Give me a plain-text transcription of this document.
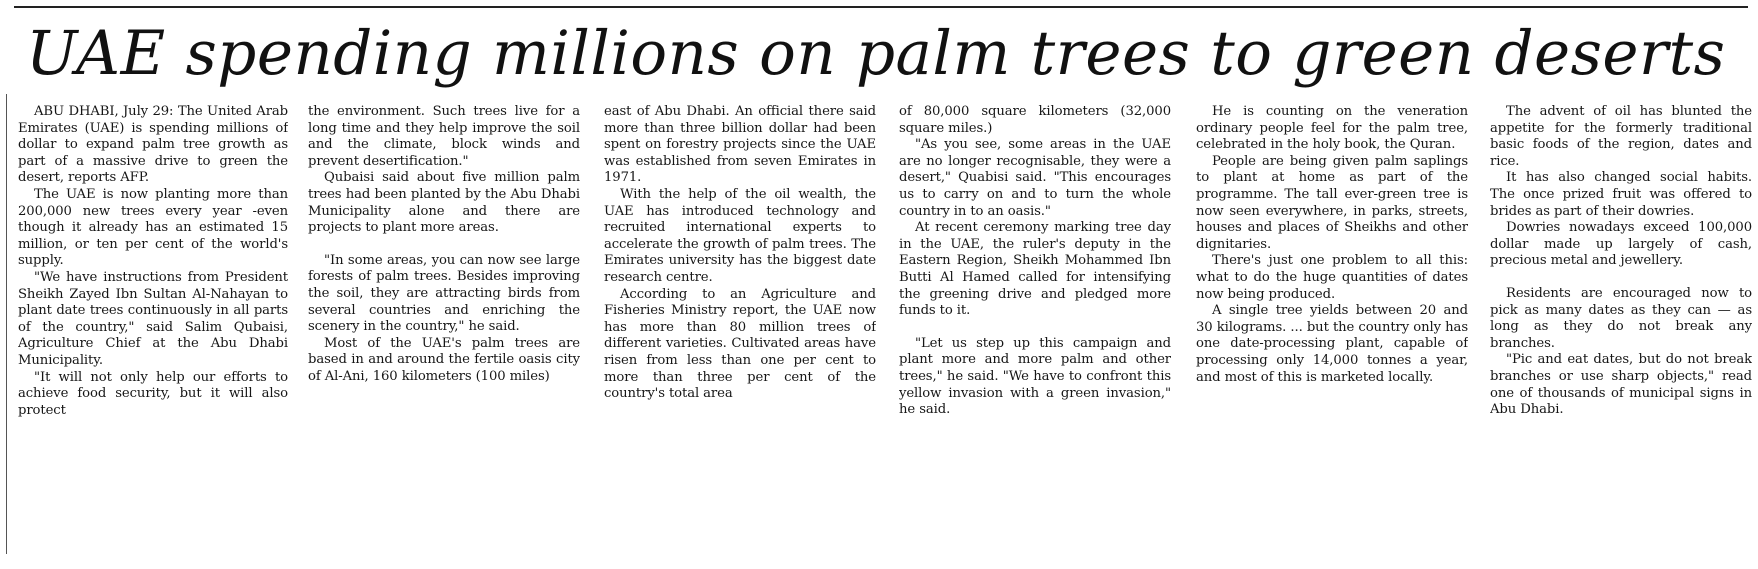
UAE spending millions on palm trees to green deserts

ABU DHABI, July 29: The United Arab Emirates (UAE) is spending millions of dollar to expand palm tree growth as part of a massive drive to green the desert, reports AFP.

The UAE is now planting more than 200,000 new trees every year -even though it already has an estimated 15 million, or ten per cent of the world's supply.

"We have instructions from President Sheikh Zayed Ibn Sultan Al-Nahayan to plant date trees continuously in all parts of the country," said Salim Qubaisi, Agriculture Chief at the Abu Dhabi Municipality.

"It will not only help our efforts to achieve food security, but it will also protect

the environment. Such trees live for a long time and they help improve the soil and the climate, block winds and prevent desertification."

Qubaisi said about five million palm trees had been planted by the Abu Dhabi Municipality alone and there are projects to plant more areas.

"In some areas, you can now see large forests of palm trees. Besides improving the soil, they are attracting birds from several countries and enriching the scenery in the country," he said.

Most of the UAE's palm trees are based in and around the fertile oasis city of Al-Ani, 160 kilometers (100 miles)

east of Abu Dhabi. An official there said more than three billion dollar had been spent on forestry projects since the UAE was established from seven Emirates in 1971.

With the help of the oil wealth, the UAE has introduced technology and recruited international experts to accelerate the growth of palm trees. The Emirates university has the biggest date research centre.

According to an Agriculture and Fisheries Ministry report, the UAE now has more than 80 million trees of different varieties. Cultivated areas have risen from less than one per cent to more than three per cent of the country's total area

of 80,000 square kilometers (32,000 square miles.)

"As you see, some areas in the UAE are no longer recognisable, they were a desert," Quabisi said. "This encourages us to carry on and to turn the whole country in to an oasis."

At recent ceremony marking tree day in the UAE, the ruler's deputy in the Eastern Region, Sheikh Mohammed Ibn Butti Al Hamed called for intensifying the greening drive and pledged more funds to it.

"Let us step up this campaign and plant more and more palm and other trees," he said. "We have to confront this yellow invasion with a green invasion," he said.

He is counting on the veneration ordinary people feel for the palm tree, celebrated in the holy book, the Quran.

People are being given palm saplings to plant at home as part of the programme. The tall ever-green tree is now seen everywhere, in parks, streets, houses and places of Sheikhs and other dignitaries.

There's just one problem to all this: what to do the huge quantities of dates now being produced.

A single tree yields between 20 and 30 kilograms. ... but the country only has one date-processing plant, capable of processing only 14,000 tonnes a year, and most of this is marketed locally.

The advent of oil has blunted the appetite for the formerly traditional basic foods of the region, dates and rice.

It has also changed social habits. The once prized fruit was offered to brides as part of their dowries.

Dowries nowadays exceed 100,000 dollar made up largely of cash, precious metal and jewellery.

Residents are encouraged now to pick as many dates as they can — as long as they do not break any branches.

"Pic and eat dates, but do not break branches or use sharp objects," read one of thousands of municipal signs in Abu Dhabi.
